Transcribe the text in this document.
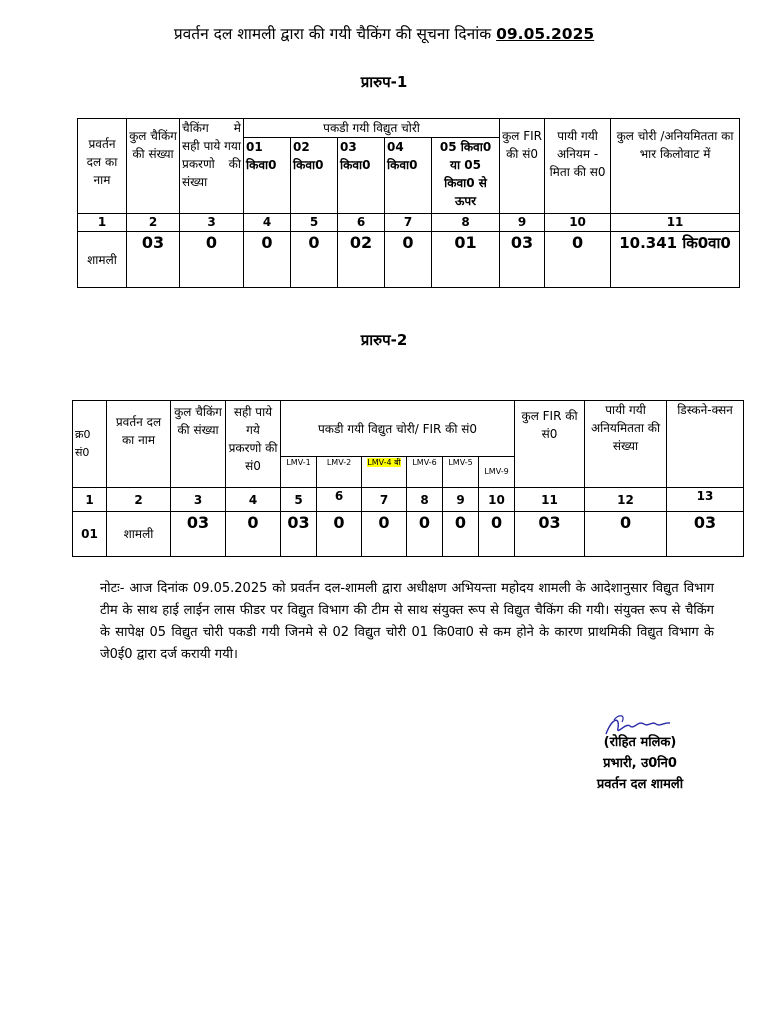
प्रवर्तन दल शामली द्वारा की गयी चैकिंग की सूचना दिनांक 09.05.2025
प्रारुप-1
प्रवर्तन दल का नाम	कुल चैकिंग की संख्या	चैकिंग मे सही पाये गया प्रकरणो की संख्या	पकडी गयी विद्युत चोरी					कुल FIR की सं0	पायी गयी अनियम - मिता की स0	कुल चोरी /अनियमितता का भार किलोवाट में
			01 किवा0	02 किवा0	03 किवा0	04 किवा0	05 किवा0 या 05 किवा0 से ऊपर			
1	2	3	4	5	6	7	8	9	10	11
शामली	03	0	0	0	02	0	01	03	0	10.341 कि0वा0
प्रारुप-2
क्र0 सं0	प्रवर्तन दल का नाम	कुल चैकिंग की संख्या	सही पाये गये प्रकरणो की सं0	पकडी गयी विद्युत चोरी/ FIR की सं0						कुल FIR की सं0	पायी गयी अनियमितता की संख्या	डिस्कने-क्सन
				LMV-1	LMV-2	LMV-4 बी	LMV-6	LMV-5	LMV-9			
1	2	3	4	5	6	7	8	9	10	11	12	13
01	शामली	03	0	03	0	0	0	0	0	03	0	03
नोटः- आज दिनांक 09.05.2025 को प्रवर्तन दल-शामली द्वारा अधीक्षण अभियन्ता महोदय शामली के आदेशानुसार विद्युत विभाग टीम के साथ हाई लाईन लास फीडर पर विद्युत विभाग की टीम से साथ संयुक्त रूप से विद्युत चैकिंग की गयी। संयुक्त रूप से चैकिंग के सापेक्ष 05 विद्युत चोरी पकडी गयी जिनमे से 02 विद्युत चोरी 01 कि0वा0 से कम होने के कारण प्राथमिकी विद्युत विभाग के जे0ई0 द्वारा दर्ज करायी गयी।
(रोहित मलिक)
प्रभारी, उ0नि0
प्रवर्तन दल शामली
